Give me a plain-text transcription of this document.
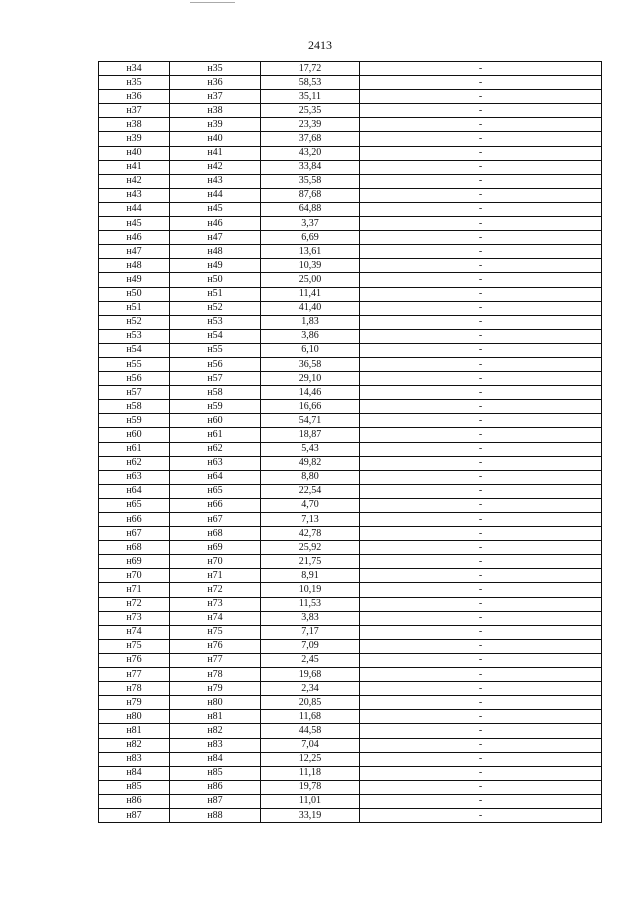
2413
н34	н35	17,72	-
н35	н36	58,53	-
н36	н37	35,11	-
н37	н38	25,35	-
н38	н39	23,39	-
н39	н40	37,68	-
н40	н41	43,20	-
н41	н42	33,84	-
н42	н43	35,58	-
н43	н44	87,68	-
н44	н45	64,88	-
н45	н46	3,37	-
н46	н47	6,69	-
н47	н48	13,61	-
н48	н49	10,39	-
н49	н50	25,00	-
н50	н51	11,41	-
н51	н52	41,40	-
н52	н53	1,83	-
н53	н54	3,86	-
н54	н55	6,10	-
н55	н56	36,58	-
н56	н57	29,10	-
н57	н58	14,46	-
н58	н59	16,66	-
н59	н60	54,71	-
н60	н61	18,87	-
н61	н62	5,43	-
н62	н63	49,82	-
н63	н64	8,80	-
н64	н65	22,54	-
н65	н66	4,70	-
н66	н67	7,13	-
н67	н68	42,78	-
н68	н69	25,92	-
н69	н70	21,75	-
н70	н71	8,91	-
н71	н72	10,19	-
н72	н73	11,53	-
н73	н74	3,83	-
н74	н75	7,17	-
н75	н76	7,09	-
н76	н77	2,45	-
н77	н78	19,68	-
н78	н79	2,34	-
н79	н80	20,85	-
н80	н81	11,68	-
н81	н82	44,58	-
н82	н83	7,04	-
н83	н84	12,25	-
н84	н85	11,18	-
н85	н86	19,78	-
н86	н87	11,01	-
н87	н88	33,19	-
